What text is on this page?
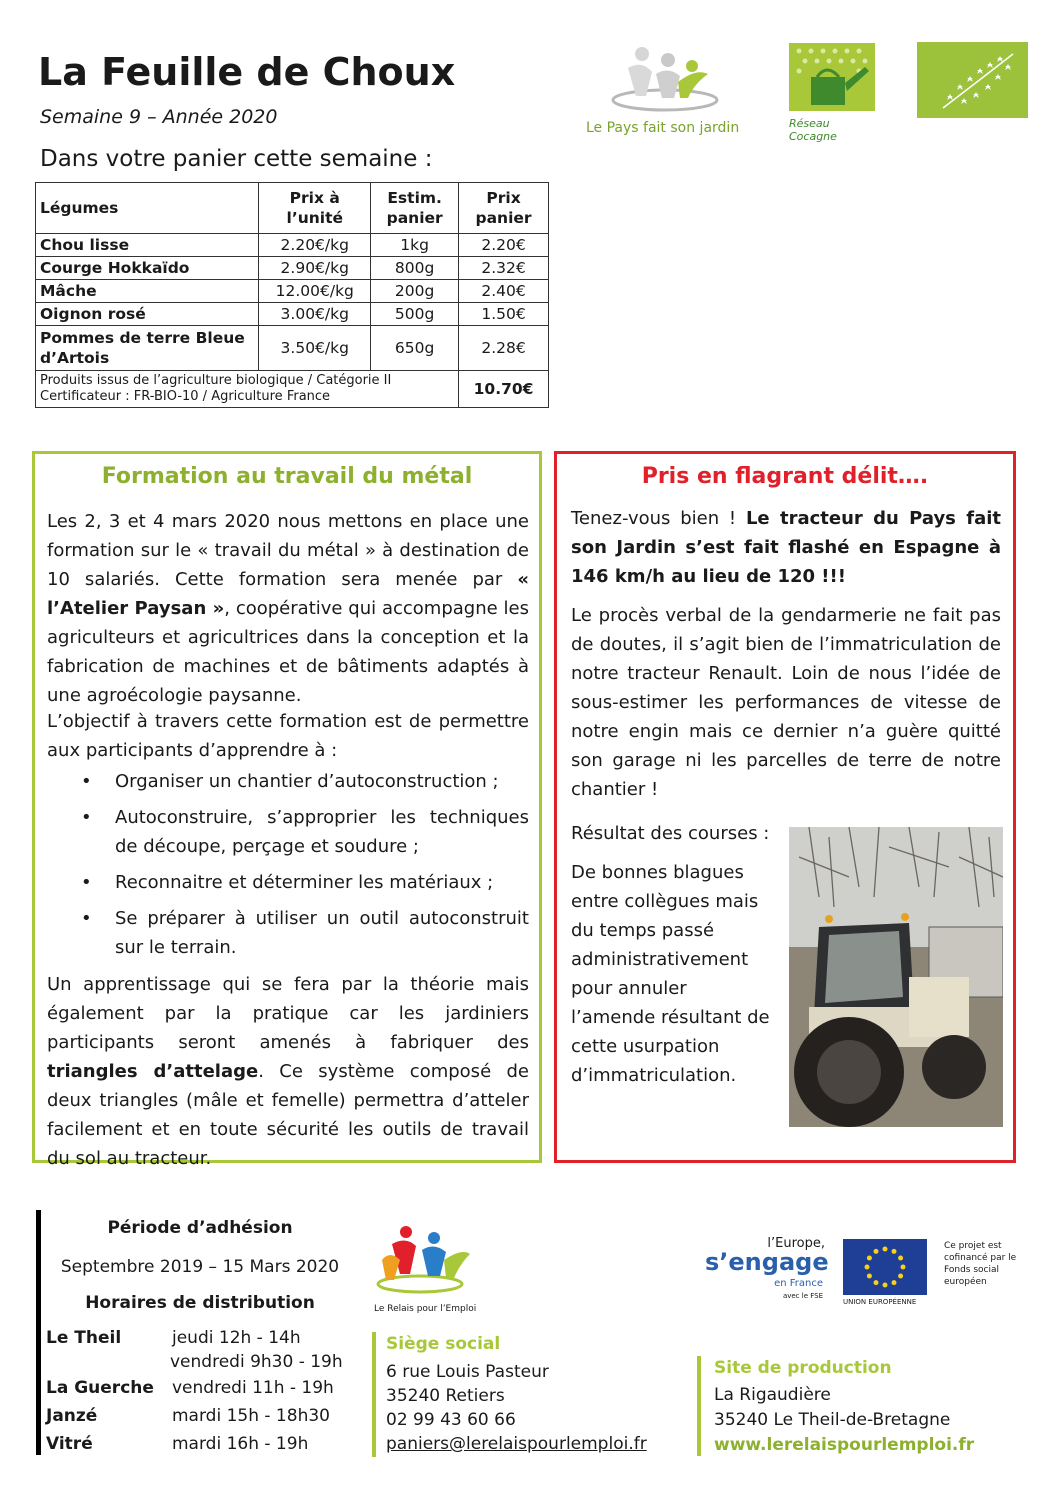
La Feuille de Choux
Semaine 9 – Année 2020
Dans votre panier cette semaine :
Le Pays fait son jardin	Réseau Cocagne
Légumes	Prix à l’unité	Estim. panier	Prix panier
Chou lisse	2.20€/kg	1kg	2.20€
Courge Hokkaïdo	2.90€/kg	800g	2.32€
Mâche	12.00€/kg	200g	2.40€
Oignon rosé	3.00€/kg	500g	1.50€
Pommes de terre Bleue d’Artois	3.50€/kg	650g	2.28€

Produits issus de l’agriculture biologique / Catégorie II
Certificateur : FR-BIO-10 / Agriculture France			10.70€
Formation au travail du métal
Les 2, 3 et 4 mars 2020 nous mettons en place une formation sur le « travail du métal » à destination de 10 salariés. Cette formation sera menée par « l’Atelier Paysan », coopérative qui accompagne les agriculteurs et agricultrices dans la conception et la fabrication de machines et de bâtiments adaptés à une agroécologie paysanne.
L’objectif à travers cette formation est de permettre aux participants d’apprendre à :
• Organiser un chantier d’autoconstruction ;
• Autoconstruire, s’approprier les techniques de découpe, perçage et soudure ;
• Reconnaitre et déterminer les matériaux ;
• Se préparer à utiliser un outil autoconstruit sur le terrain.
Un apprentissage qui se fera par la théorie mais également par la pratique car les jardiniers participants seront amenés à fabriquer des triangles d’attelage. Ce système composé de deux triangles (mâle et femelle) permettra d’atteler facilement et en toute sécurité les outils de travail du sol au tracteur.
Pris en flagrant délit….
Tenez-vous bien ! Le tracteur du Pays fait son Jardin s’est fait flashé en Espagne à 146 km/h au lieu de 120 !!!
Le procès verbal de la gendarmerie ne fait pas de doutes, il s’agit bien de l’immatriculation de notre tracteur Renault. Loin de nous l’idée de sous-estimer les performances de vitesse de notre engin mais ce dernier n’a guère quitté son garage ni les parcelles de terre de notre chantier !
Résultat des courses :
De bonnes blagues entre collègues mais du temps passé administrativement pour annuler l’amende résultant de cette usurpation d’immatriculation.
Période d’adhésion
Septembre 2019 – 15 Mars 2020
Horaires de distribution
Le Theil	jeudi 12h - 14h
vendredi 9h30 - 19h
La Guerche vendredi 11h - 19h
Janzé	mardi 15h - 18h30
Vitré	mardi 16h - 19h
Le Relais pour l’Emploi
Siège social
6 rue Louis Pasteur
35240 Retiers
02 99 43 60 66
paniers@lerelaispourlemploi.fr
l’Europe,
s’engage
en France
avec le FSE
UNION EUROPÉENNE
Ce projet est cofinancé par le Fonds social européen
Site de production
La Rigaudière
35240 Le Theil-de-Bretagne
www.lerelaispourlemploi.fr
